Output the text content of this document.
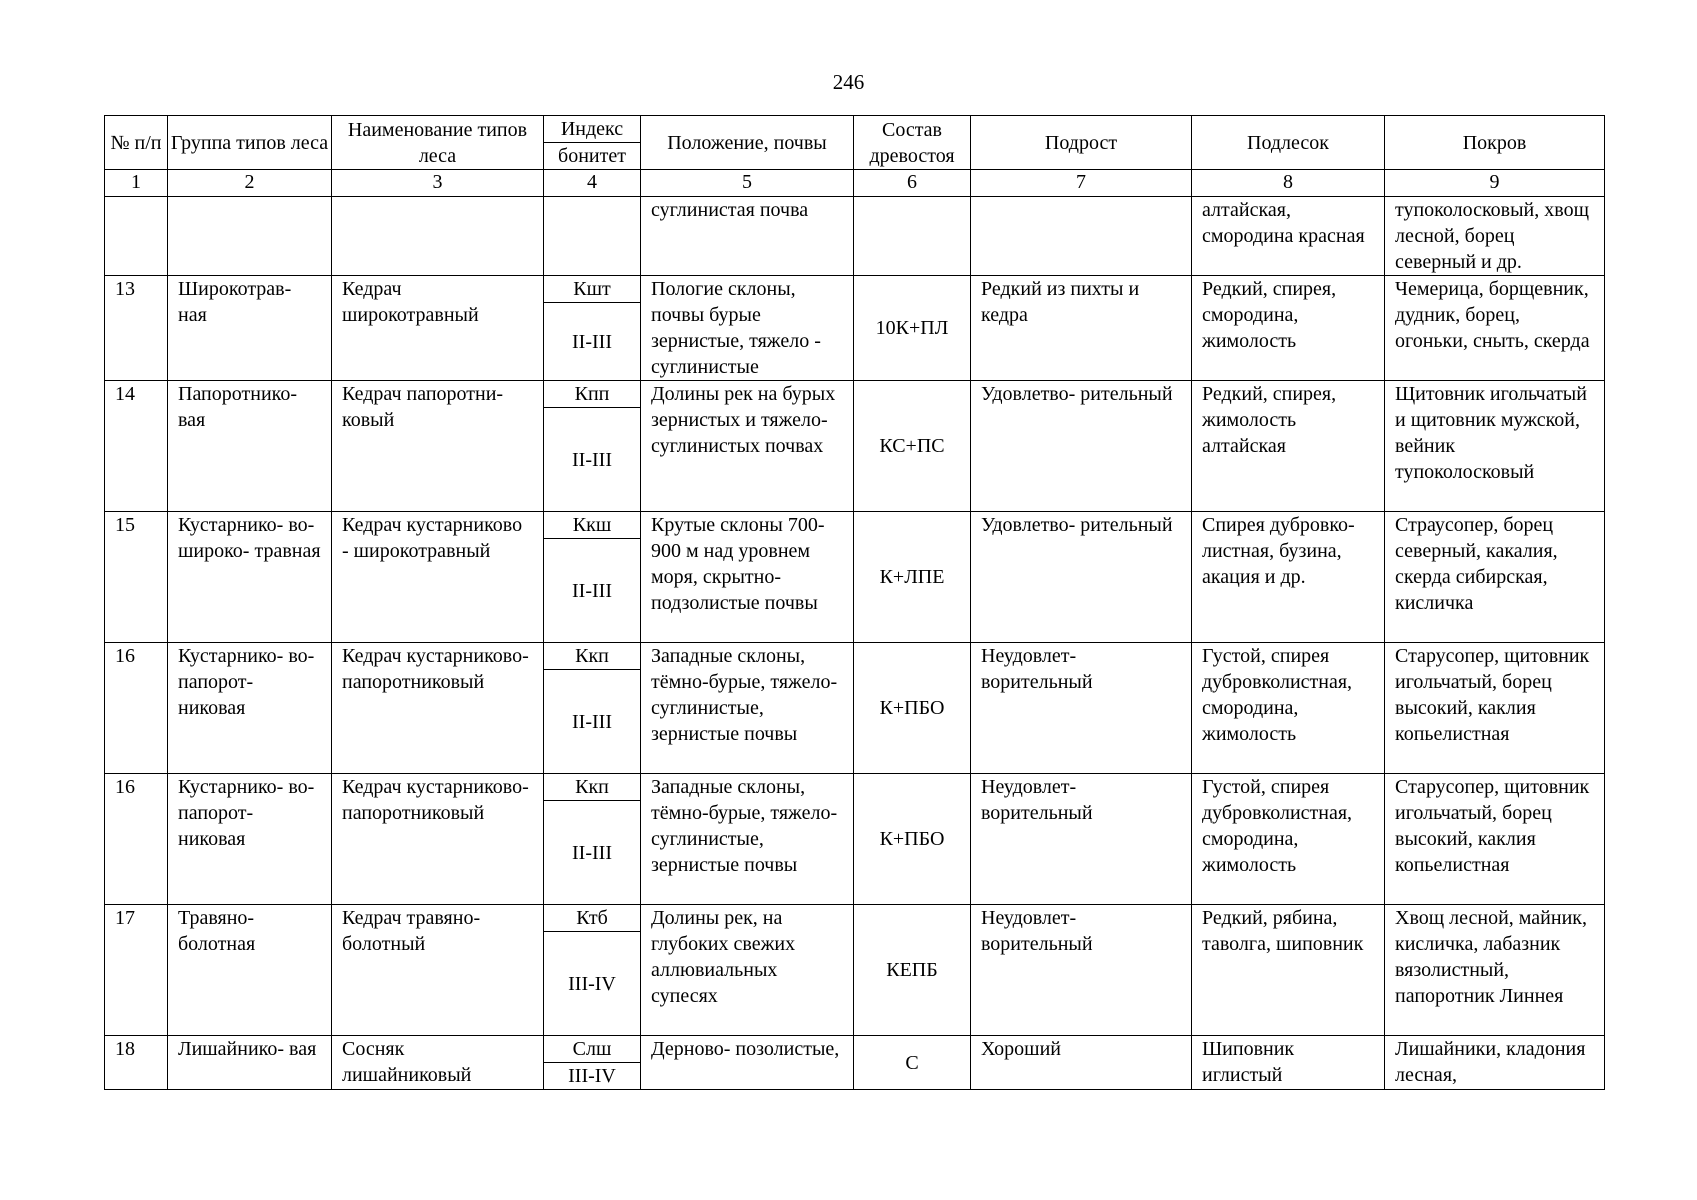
246
№ п/п	Группа типов леса	Наименование типов леса	Индекс	Положение, почвы	Состав древостоя	Подрост	Подлесок	Покров
			бонитет					
1	2	3	4	5	6	7	8	9
				суглинистая почва			алтайская, смородина красная	тупоколосковый, хвощ лесной, борец северный и др.
13	Широкотрав- ная	Кедрач широкотравный	Кшт	Пологие склоны, почвы бурые зернистые, тяжело - суглинистые	10К+ПЛ	Редкий из пихты и кедра	Редкий, спирея, смородина, жимолость	Чемерица, борщевник, дудник, борец, огоньки, сныть, скерда
			II-III					
14	Папоротнико- вая	Кедрач папоротни- ковый	Кпп	Долины рек на бурых зернистых и тяжело- суглинистых почвах	КС+ПС	Удовлетво- рительный	Редкий, спирея, жимолость алтайская	Щитовник игольчатый и щитовник мужской, вейник тупоколосковый
			II-III					
15	Кустарнико- во-широко- травная	Кедрач кустарниково - широкотравный	Ккш	Крутые склоны 700-900 м над уровнем моря, скрытно- подзолистые почвы	К+ЛПЕ	Удовлетво- рительный	Спирея дубровко- листная, бузина, акация и др.	Страусопер, борец северный, какалия, скерда сибирская, кисличка
			II-III					
16	Кустарнико- во-папорот- никовая	Кедрач кустарниково- папоротниковый	Ккп	Западные склоны, тёмно-бурые, тяжело- суглинистые, зернистые почвы	К+ПБО	Неудовлет- ворительный	Густой, спирея дубровколистная, смородина, жимолость	Старусопер, щитовник игольчатый, борец высокий, каклия копьелистная
			II-III					
16	Кустарнико- во-папорот- никовая	Кедрач кустарниково- папоротниковый	Ккп	Западные склоны, тёмно-бурые, тяжело- суглинистые, зернистые почвы	К+ПБО	Неудовлет- ворительный	Густой, спирея дубровколистная, смородина, жимолость	Старусопер, щитовник игольчатый, борец высокий, каклия копьелистная
			II-III					
17	Травяно- болотная	Кедрач травяно- болотный	Ктб	Долины рек, на глубоких свежих аллювиальных супесях	КЕПБ	Неудовлет- ворительный	Редкий, рябина, таволга, шиповник	Хвощ лесной, майник, кисличка, лабазник вязолистный, папоротник Линнея
			III-IV					
18	Лишайнико- вая	Сосняк лишайниковый	Слш	Дерново- позолистые,	С	Хороший	Шиповник иглистый	Лишайники, кладония лесная,
			III-IV					
